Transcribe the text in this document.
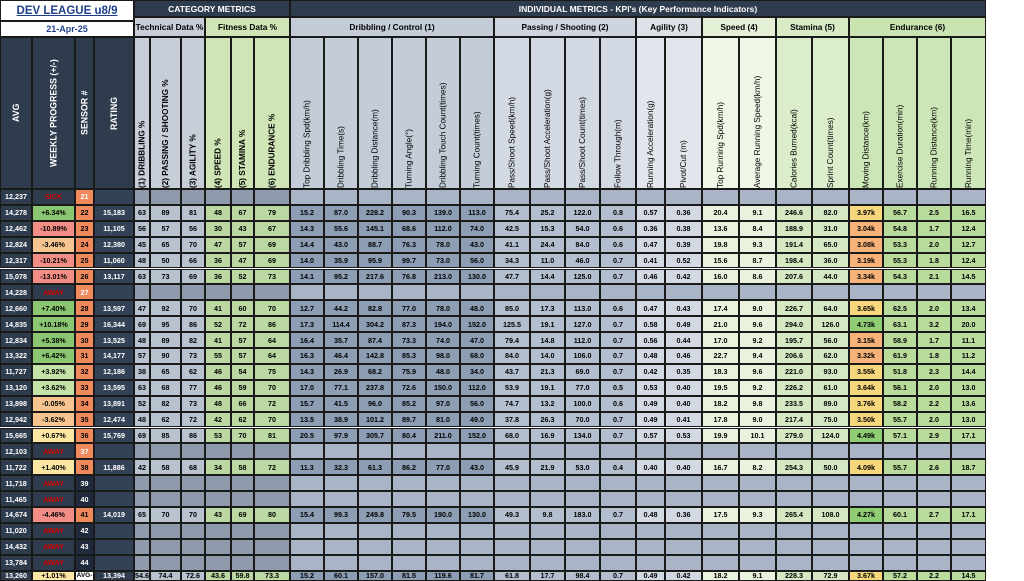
DEV LEAGUE u8/9
21-Apr-25
AVG	WEEKLY PROGRESS (+/-)	SENSOR #	RATING
CATEGORY METRICS	INDIVIDUAL METRICS - KPI's (Key Performance Indicators)
Technical Data %	Fitness Data %	Dribbling / Control (1)	Passing / Shooting (2)	Agility (3)	Speed (4)	Stamina (5)	Endurance (6)
(1) DRIBBLING %	(2) PASSING / SHOOTING %	(3) AGILITY %	(4) SPEED %	(5) STAMINA %	(6) ENDURANCE %	Top Dribbling Spd(km/h)	Dribbling Time(s)	Dribbling Distance(m)	Turning Angle(°)	Dribbling Touch Count(times)	Turning Count(times)	Pass/Shoot Speed(km/h)	Pass/Shoot Acceleration(g)	Pass/Shoot Count(times)	Follow Through(m)	Running Acceleration(g)	Pivot/Cut (m)	Top Running Spd(km/h)	Average Running Speed(km/h)	Calories Burned(kcal)	Sprint Count(times)	Moving Distance(km)	Exercise Duration(min)	Running Distance(km)	Running Time(min)
12,237	SICK	21
14,278	+6.34%	22	15,183	63	89	81	48	67	79	15.2	87.0	228.2	90.3	139.0	113.0	75.4	25.2	122.0	0.8	0.57	0.36	20.4	9.1	246.6	82.0	3.97k	56.7	2.5	16.5
12,462	-10.89%	23	11,105	56	57	56	30	43	67	14.3	55.6	145.1	68.6	112.0	74.0	42.5	15.3	54.0	0.6	0.36	0.38	13.6	8.4	188.9	31.0	3.04k	54.8	1.7	12.4
12,824	-3.46%	24	12,380	45	65	70	47	57	69	14.4	43.0	88.7	76.3	78.0	43.0	41.1	24.4	84.0	0.6	0.47	0.39	19.8	9.3	191.4	65.0	3.08k	53.3	2.0	12.7
12,317	-10.21%	25	11,060	48	50	66	36	47	69	14.0	35.9	95.9	99.7	73.0	56.0	34.3	11.0	46.0	0.7	0.41	0.52	15.6	8.7	198.4	36.0	3.19k	55.3	1.8	12.4
15,078	-13.01%	26	13,117	63	73	69	36	52	73	14.1	95.2	217.6	76.8	213.0	130.0	47.7	14.4	125.0	0.7	0.46	0.42	16.0	8.6	207.6	44.0	3.34k	54.3	2.1	14.5
14,228	AWAY	27
12,660	+7.40%	28	13,597	47	92	70	41	60	70	12.7	44.2	82.8	77.0	78.0	48.0	85.0	17.3	113.0	0.6	0.47	0.43	17.4	9.0	226.7	64.0	3.65k	62.5	2.0	13.4
14,835	+10.18%	29	16,344	69	95	86	52	72	86	17.3	114.4	304.2	87.3	194.0	152.0	125.5	19.1	127.0	0.7	0.58	0.49	21.0	9.6	294.0	126.0	4.73k	63.1	3.2	20.0
12,834	+5.38%	30	13,525	48	89	82	41	57	64	16.4	35.7	87.4	73.3	74.0	47.0	79.4	14.8	112.0	0.7	0.56	0.44	17.0	9.2	195.7	56.0	3.15k	58.9	1.7	11.1
13,322	+6.42%	31	14,177	57	90	73	55	57	64	16.3	46.4	142.8	85.3	98.0	68.0	84.0	14.0	106.0	0.7	0.48	0.46	22.7	9.4	206.6	62.0	3.32k	61.9	1.8	11.2
11,727	+3.92%	32	12,186	38	65	62	46	54	75	14.3	26.9	68.2	75.9	48.0	34.0	43.7	21.3	69.0	0.7	0.42	0.35	18.3	9.6	221.0	93.0	3.55k	51.8	2.3	14.4
13,120	+3.62%	33	13,595	63	68	77	46	59	70	17.0	77.1	237.8	72.6	150.0	112.0	53.9	19.1	77.0	0.5	0.53	0.40	19.5	9.2	226.2	61.0	3.64k	56.1	2.0	13.0
13,898	-0.05%	34	13,891	52	82	73	48	66	72	15.7	41.5	96.0	85.2	97.0	56.0	74.7	13.2	100.0	0.6	0.49	0.40	18.2	9.8	233.5	89.0	3.76k	58.2	2.2	13.6
12,942	-3.62%	35	12,474	48	62	72	42	62	70	13.5	38.9	101.2	89.7	81.0	49.0	37.8	26.3	70.0	0.7	0.49	0.41	17.8	9.0	217.4	75.0	3.50k	55.7	2.0	13.0
15,665	+0.67%	36	15,769	69	85	86	53	70	81	20.5	97.9	305.7	80.4	211.0	152.0	68.0	16.9	134.0	0.7	0.57	0.53	19.9	10.1	279.0	124.0	4.49k	57.1	2.9	17.1
12,103	AWAY	37
11,722	+1.40%	38	11,886	42	58	68	34	58	72	11.3	32.3	61.3	86.2	77.0	43.0	45.9	21.9	53.0	0.4	0.40	0.40	16.7	8.2	254.3	50.0	4.09k	55.7	2.6	18.7
11,718	AWAY	39
11,465	AWAY	40
14,674	-4.46%	41	14,019	65	70	70	43	69	80	15.4	99.3	249.8	79.5	190.0	130.0	49.3	9.8	183.0	0.7	0.48	0.36	17.5	9.3	265.4	108.0	4.27k	60.1	2.7	17.1
11,020	AWAY	42
14,432	AWAY	43
13,784	AWAY	44
13,260	+1.01%	AVG-	13,394	54.6	74.4	72.6	43.6	59.8	73.3	15.2	60.1	157.0	81.5	119.6	81.7	61.8	17.7	98.4	0.7	0.49	0.42	18.2	9.1	228.3	72.9	3.67k	57.2	2.2	14.5
